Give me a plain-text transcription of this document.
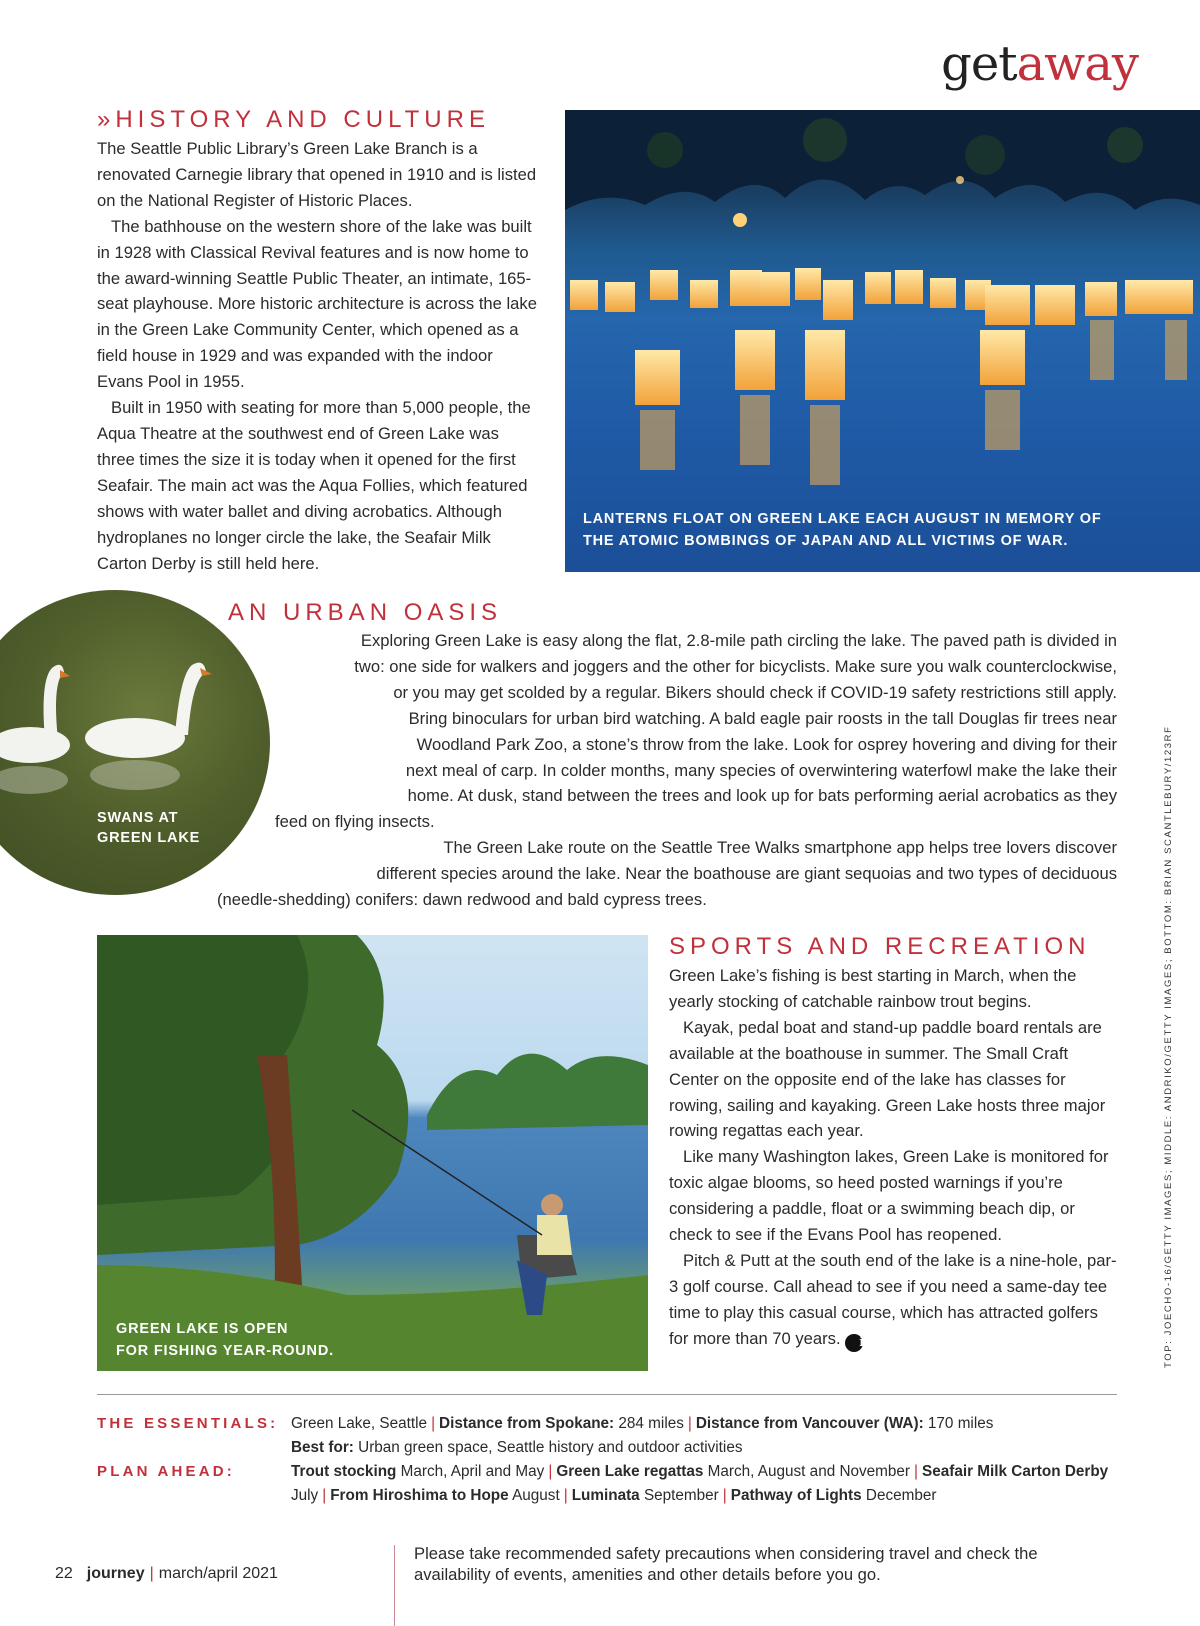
getaway
»HISTORY AND CULTURE

The Seattle Public Library’s Green Lake Branch is a renovated Carnegie library that opened in 1910 and is listed on the National Register of Historic Places.

The bathhouse on the western shore of the lake was built in 1928 with Classical Revival features and is now home to the award-winning Seattle Public Theater, an intimate, 165-seat playhouse. More historic architecture is across the lake in the Green Lake Community Center, which opened as a field house in 1929 and was expanded with the indoor Evans Pool in 1955.

Built in 1950 with seating for more than 5,000 people, the Aqua Theatre at the southwest end of Green Lake was three times the size it is today when it opened for the first Seafair. The main act was the Aqua Follies, which featured shows with water ballet and diving acrobatics. Although hydroplanes no longer circle the lake, the Seafair Milk Carton Derby is still held here.

LANTERNS FLOAT ON GREEN LAKE EACH AUGUST IN MEMORY OF
THE ATOMIC BOMBINGS OF JAPAN AND ALL VICTIMS OF WAR.
SWANS AT
GREEN LAKE
AN URBAN OASIS
Exploring Green Lake is easy along the flat, 2.8-mile path circling the lake. The paved path is divided in
two: one side for walkers and joggers and the other for bicyclists. Make sure you walk counterclockwise,
or you may get scolded by a regular. Bikers should check if COVID-19 safety restrictions still apply.
Bring binoculars for urban bird watching. A bald eagle pair roosts in the tall Douglas fir trees near
Woodland Park Zoo, a stone’s throw from the lake. Look for osprey hovering and diving for their
next meal of carp. In colder months, many species of overwintering waterfowl make the lake their
home. At dusk, stand between the trees and look up for bats performing aerial acrobatics as they
feed on flying insects.
The Green Lake route on the Seattle Tree Walks smartphone app helps tree lovers discover
different species around the lake. Near the boathouse are giant sequoias and two types of deciduous
(needle-shedding) conifers: dawn redwood and bald cypress trees.
GREEN LAKE IS OPEN
FOR FISHING YEAR-ROUND.
SPORTS AND RECREATION

Green Lake’s fishing is best starting in March, when the yearly stocking of catchable rainbow trout begins.

Kayak, pedal boat and stand-up paddle board rentals are available at the boathouse in summer. The Small Craft Center on the opposite end of the lake has classes for rowing, sailing and kayaking. Green Lake hosts three major rowing regattas each year.

Like many Washington lakes, Green Lake is monitored for toxic algae blooms, so heed posted warnings if you’re considering a paddle, float or a swimming beach dip, or check to see if the Evans Pool has reopened.

Pitch & Putt at the south end of the lake is a nine-hole, par-3 golf course. Call ahead to see if you need a same-day tee time to play this casual course, which has attracted golfers for more than 70 years. i

THE ESSENTIALS: Green Lake, Seattle | Distance from Spokane: 284 miles | Distance from Vancouver (WA): 170 miles
Best for: Urban green space, Seattle history and outdoor activities
PLAN AHEAD:	Trout stocking March, April and May | Green Lake regattas March, August and November | Seafair Milk Carton Derby July | From Hiroshima to Hope August | Luminata September | Pathway of Lights December
22 journey | march/april 2021
Please take recommended safety precautions when considering travel and check the availability of events, amenities and other details before you go.
TOP: JOECHO-16/GETTY IMAGES; MIDDLE: ANDRIKO/GETTY IMAGES; BOTTOM: BRIAN SCANTLEBURY/123RF
